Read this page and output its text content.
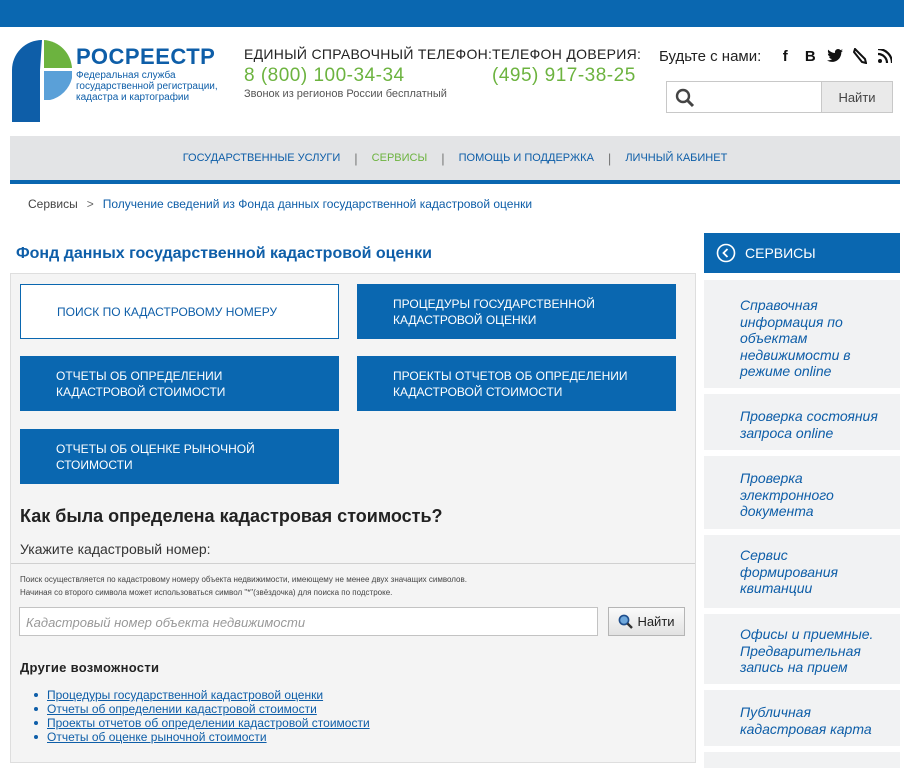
РОСРЕЕСТР
Федеральная служба государственной регистрации, кадастра и картографии
ЕДИНЫЙ СПРАВОЧНЫЙ ТЕЛЕФОН:
8 (800) 100-34-34
Звонок из регионов России бесплатный
ТЕЛЕФОН ДОВЕРИЯ:
(495) 917-38-25
Будьте с нами:	f	B
Найти
ГОСУДАРСТВЕННЫЕ УСЛУГИ	|	СЕРВИСЫ	|	ПОМОЩЬ И ПОДДЕРЖКА	|	ЛИЧНЫЙ КАБИНЕТ
Сервисы > Получение сведений из Фонда данных государственной кадастровой оценки
Фонд данных государственной кадастровой оценки
ПОИСК ПО КАДАСТРОВОМУ НОМЕРУ
ПРОЦЕДУРЫ ГОСУДАРСТВЕННОЙ КАДАСТРОВОЙ ОЦЕНКИ
ОТЧЕТЫ ОБ ОПРЕДЕЛЕНИИ КАДАСТРОВОЙ СТОИМОСТИ
ПРОЕКТЫ ОТЧЕТОВ ОБ ОПРЕДЕЛЕНИИ КАДАСТРОВОЙ СТОИМОСТИ
ОТЧЕТЫ ОБ ОЦЕНКЕ РЫНОЧНОЙ СТОИМОСТИ
Как была определена кадастровая стоимость?
Укажите кадастровый номер:
Поиск осуществляется по кадастровому номеру объекта недвижимости, имеющему не менее двух значащих символов.
Начиная со второго символа может использоваться символ "*"(звёздочка) для поиска по подстроке.
Кадастровый номер объекта недвижимости	Найти
Другие возможности
Процедуры государственной кадастровой оценки
Отчеты об определении кадастровой стоимости
Проекты отчетов об определении кадастровой стоимости
Отчеты об оценке рыночной стоимости
СЕРВИСЫ
Справочная информация по объектам недвижимости в режиме online
Проверка состояния запроса online
Проверка электронного документа
Сервис формирования квитанции
Офисы и приемные. Предварительная запись на прием
Публичная кадастровая карта
